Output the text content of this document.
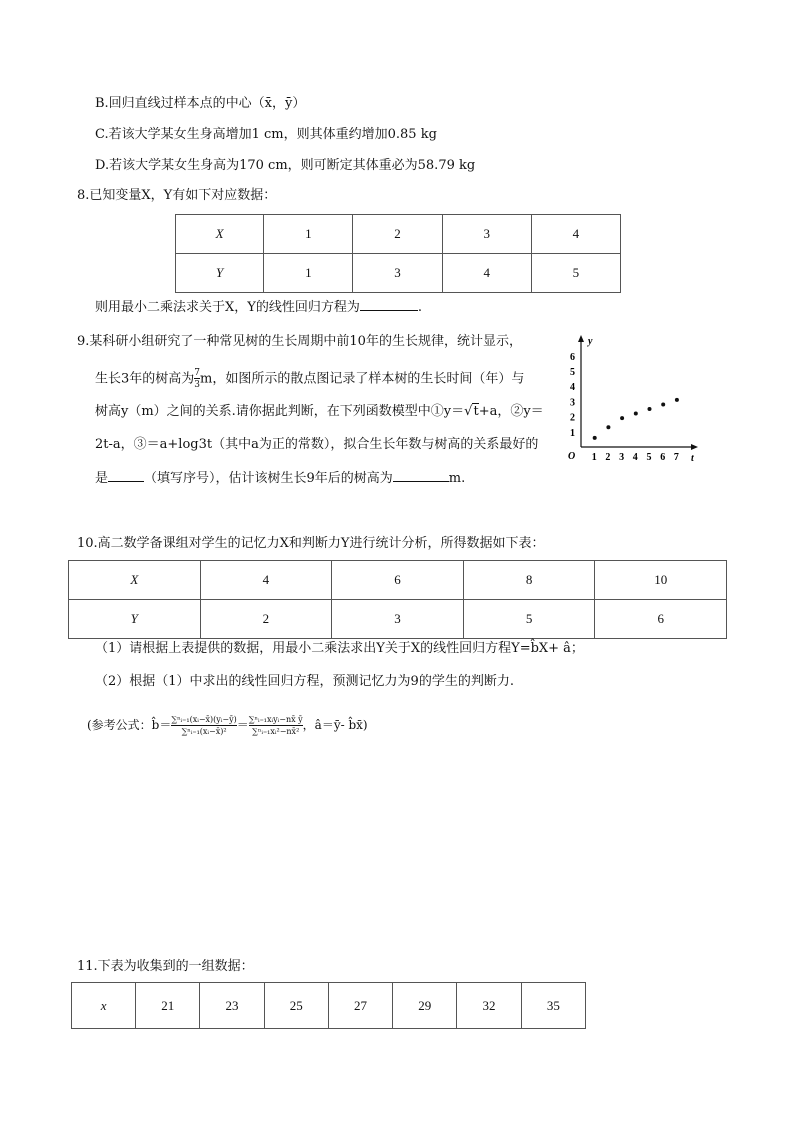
B.回归直线过样本点的中心（x̄，ȳ）
C.若该大学某女生身高增加1 cm，则其体重约增加0.85 kg
D.若该大学某女生身高为170 cm，则可断定其体重必为58.79 kg
8.已知变量X，Y有如下对应数据：
X	1	2	3	4
Y	1	3	4	5
则用最小二乘法求关于X，Y的线性回归方程为	.
9.某科研小组研究了一种常见树的生长周期中前10年的生长规律，统计显示，
生长3年的树高为 $\frac{7}{3}$ m，如图所示的散点图记录了样本树的生长时间（年）与
树高y（m）之间的关系.请你据此判断，在下列函数模型中①y＝√t+a，②y＝
2t-a，③＝a+log3t（其中a为正的常数），拟合生长年数与树高的关系最好的
是	（填写序号），估计该树生长9年后的树高为	m.
y
t
O 1 2 3 4 5 6 7
1
2
3
4
5
6
10.高二数学备课组对学生的记忆力X和判断力Y进行统计分析，所得数据如下表：
X	4	6	8	10
Y	2	3	5	6
（1）请根据上表提供的数据，用最小二乘法求出Y关于X的线性回归方程Y=b̂X+ â；
（2）根据（1）中求出的线性回归方程，预测记忆力为9的学生的判断力.
(参考公式：b̂＝ $\frac{\text{∑ⁿᵢ₌₁(xᵢ−x̄)(yᵢ−ȳ)}}{\text{∑ⁿᵢ₌₁(xᵢ−x̄)²}} = \frac{\text{∑ⁿᵢ₌₁xᵢyᵢ−nx̄ ȳ}}{\text{∑ⁿᵢ₌₁xᵢ²−nx̄²}}$ ，â＝ȳ- b̂x̄)
11.下表为收集到的一组数据：
x	21	23	25	27	29	32	35
